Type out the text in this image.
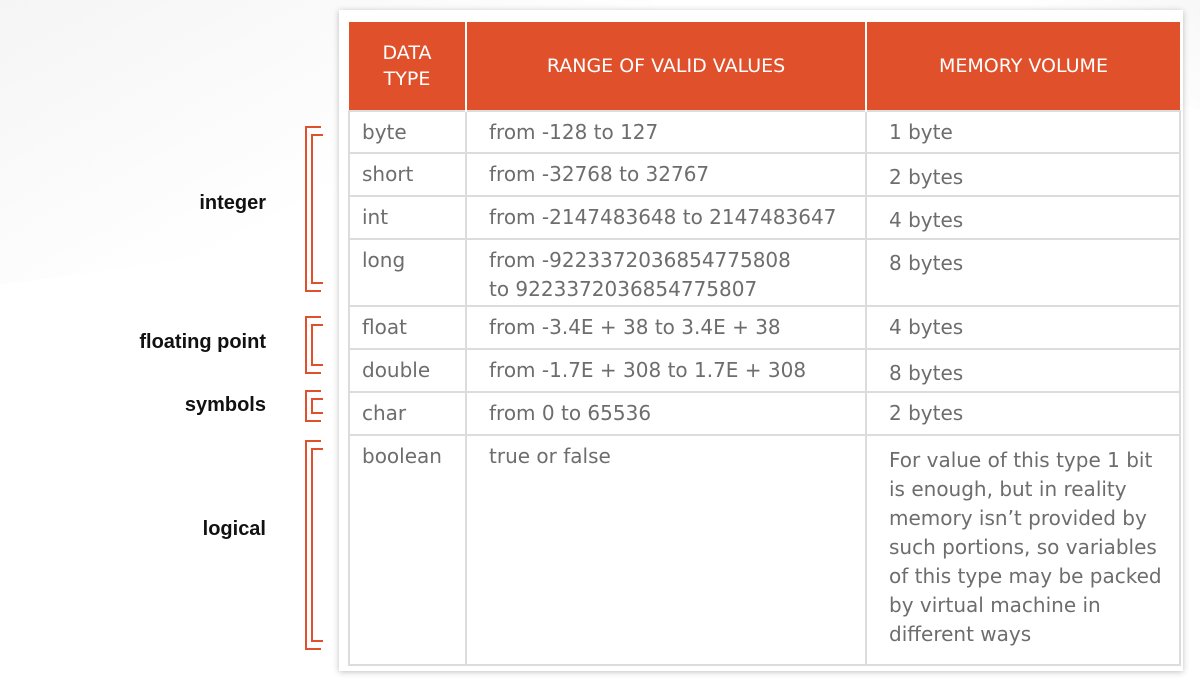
DATA
TYPE	RANGE OF VALID VALUES	MEMORY VOLUME
byte	from -128 to 127	1 byte
short	from -32768 to 32767	2 bytes

int	from -2147483648 to 2147483647	4 bytes

long	from -9223372036854775808
to 9223372036854775807	8 bytes

float	from -3.4E + 38 to 3.4E + 38	4 bytes
double	from -1.7E + 308 to 1.7E + 308	8 bytes

char	from 0 to 65536	2 bytes
boolean	true or false	For value of this type 1 bit is enough, but in reality memory isn’t provided by such portions, so variables of this type may be packed by virtual machine in different ways
integer
floating point
symbols
logical
